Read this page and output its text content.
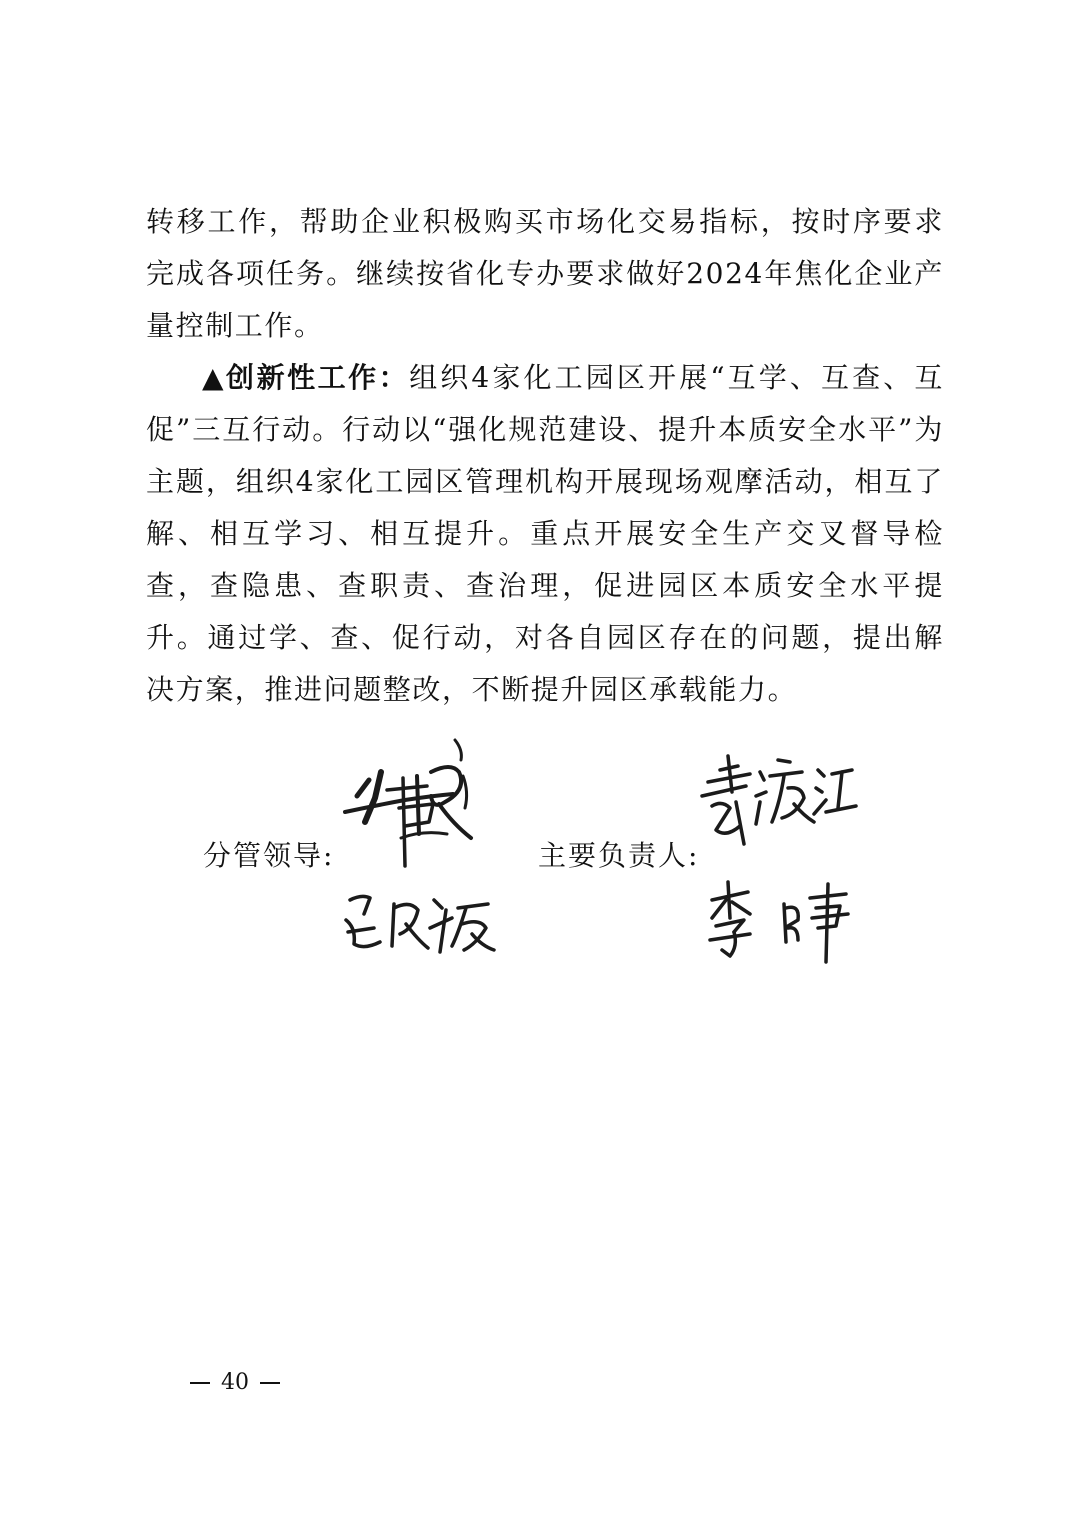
转移工作，帮助企业积极购买市场化交易指标，按时序要求完成各项任务。继续按省化专办要求做好2024年焦化企业产量控制工作。

▲创新性工作：组织4家化工园区开展“互学、互查、互促”三互行动。行动以“强化规范建设、提升本质安全水平”为主题，组织4家化工园区管理机构开展现场观摩活动，相互了解、相互学习、相互提升。重点开展安全生产交叉督导检查，查隐患、查职责、查治理，促进园区本质安全水平提升。通过学、查、促行动，对各自园区存在的问题，提出解决方案，推进问题整改，不断提升园区承载能力。

分管领导:	主要负责人:
40
